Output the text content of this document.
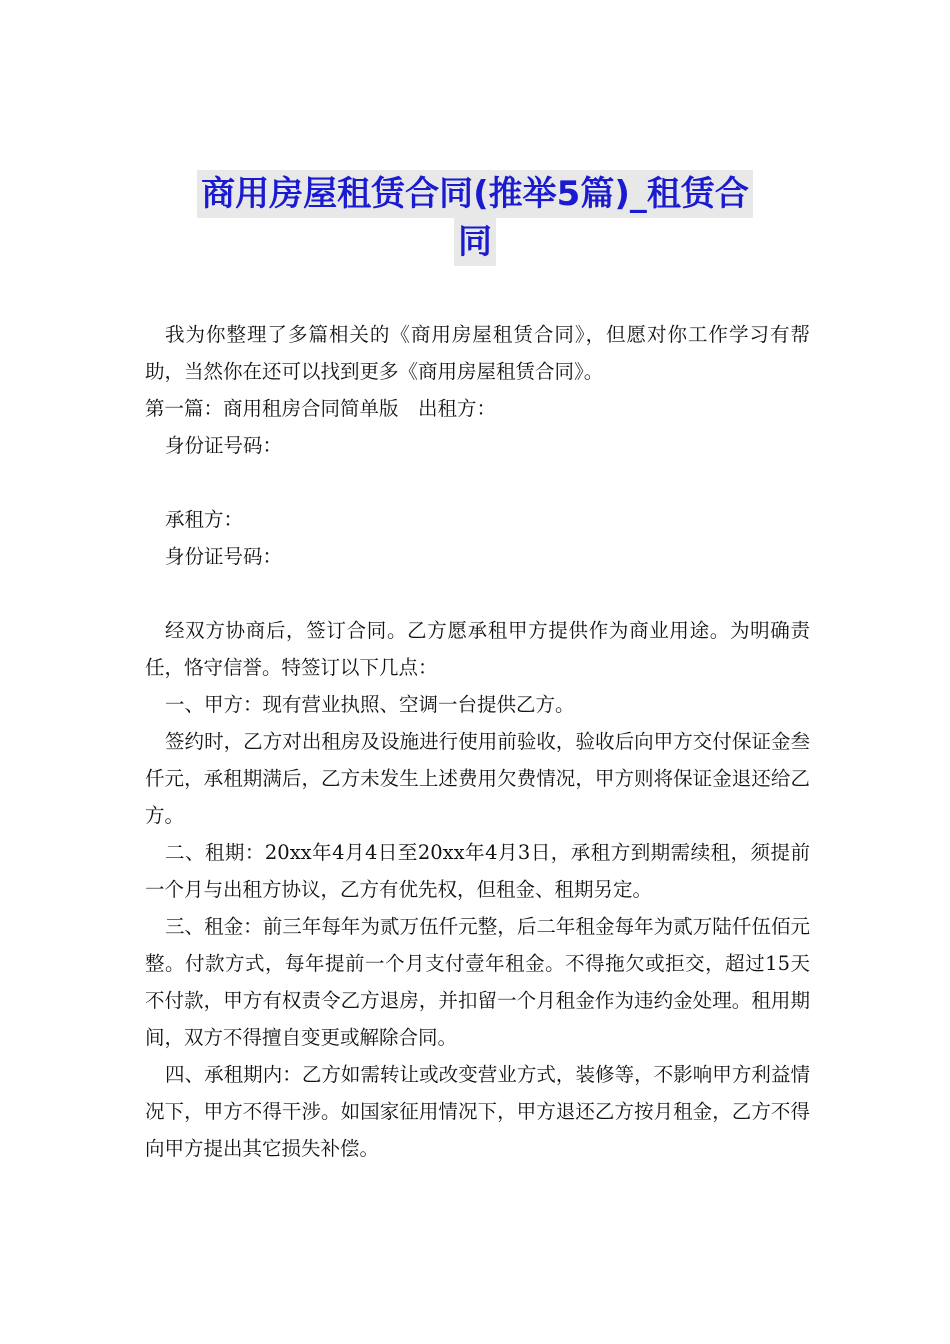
商用房屋租赁合同(推举5篇)_租赁合
同

我为你整理了多篇相关的《商用房屋租赁合同》，但愿对你工作学习有帮助，当然你在还可以找到更多《商用房屋租赁合同》。

第一篇：商用租房合同简单版　出租方：

身份证号码：

承租方：

身份证号码：

经双方协商后，签订合同。乙方愿承租甲方提供作为商业用途。为明确责任，恪守信誉。特签订以下几点：

一、甲方：现有营业执照、空调一台提供乙方。

签约时，乙方对出租房及设施进行使用前验收，验收后向甲方交付保证金叁仟元，承租期满后，乙方未发生上述费用欠费情况，甲方则将保证金退还给乙方。

二、租期：20xx年4月4日至20xx年4月3日，承租方到期需续租，须提前一个月与出租方协议，乙方有优先权，但租金、租期另定。

三、租金：前三年每年为贰万伍仟元整，后二年租金每年为贰万陆仟伍佰元整。付款方式，每年提前一个月支付壹年租金。不得拖欠或拒交，超过15天不付款，甲方有权责令乙方退房，并扣留一个月租金作为违约金处理。租用期间，双方不得擅自变更或解除合同。

四、承租期内：乙方如需转让或改变营业方式，装修等，不影响甲方利益情况下，甲方不得干涉。如国家征用情况下，甲方退还乙方按月租金，乙方不得向甲方提出其它损失补偿。
